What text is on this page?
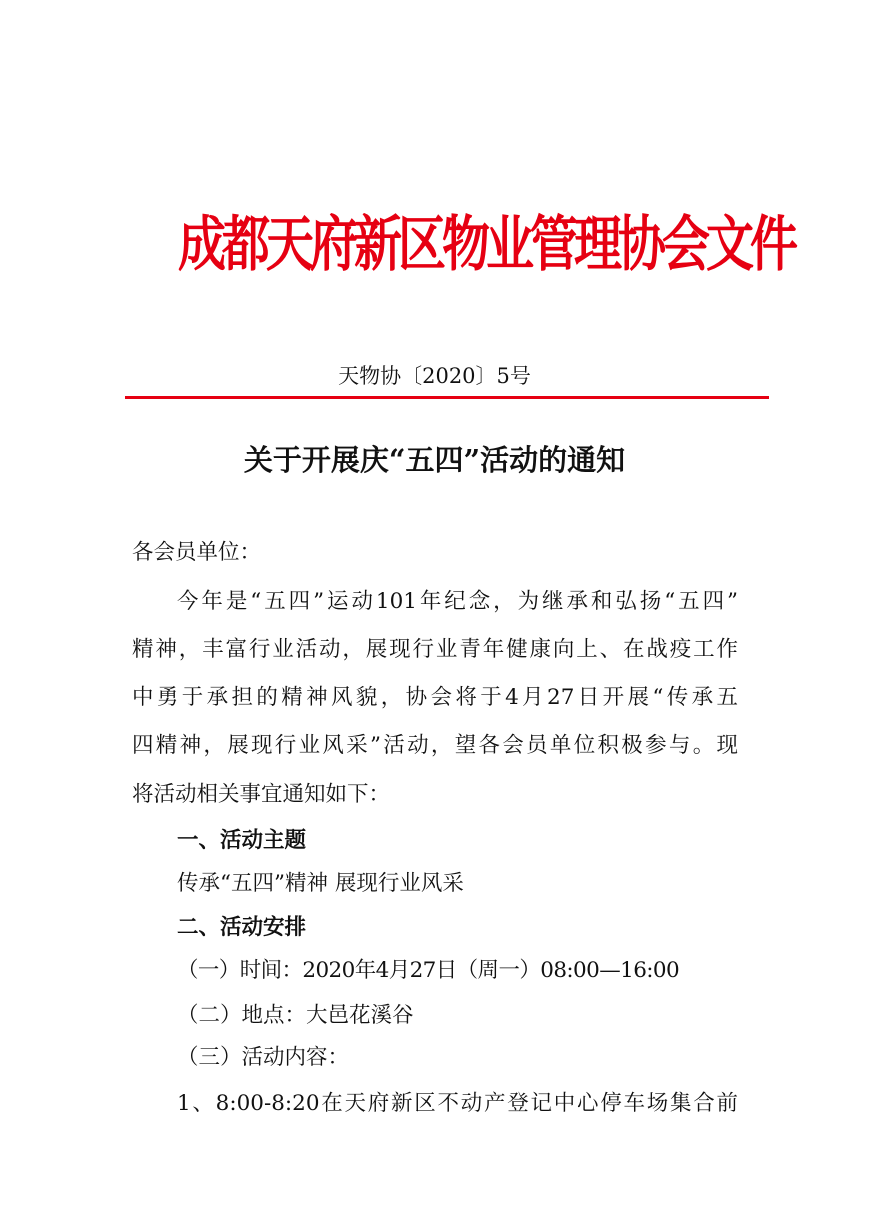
成都天府新区物业管理协会文件
天物协〔2020〕5号
关于开展庆“五四”活动的通知
各会员单位：
今年是“五四”运动101年纪念，为继承和弘扬“五四”
精神，丰富行业活动，展现行业青年健康向上、在战疫工作
中勇于承担的精神风貌，协会将于4月27日开展“传承五
四精神，展现行业风采”活动，望各会员单位积极参与。现
将活动相关事宜通知如下：
一、活动主题
传承“五四”精神 展现行业风采
二、活动安排
（一）时间：2020年4月27日（周一）08:00—16:00
（二）地点：大邑花溪谷
（三）活动内容：
1、8:00-8:20在天府新区不动产登记中心停车场集合前
